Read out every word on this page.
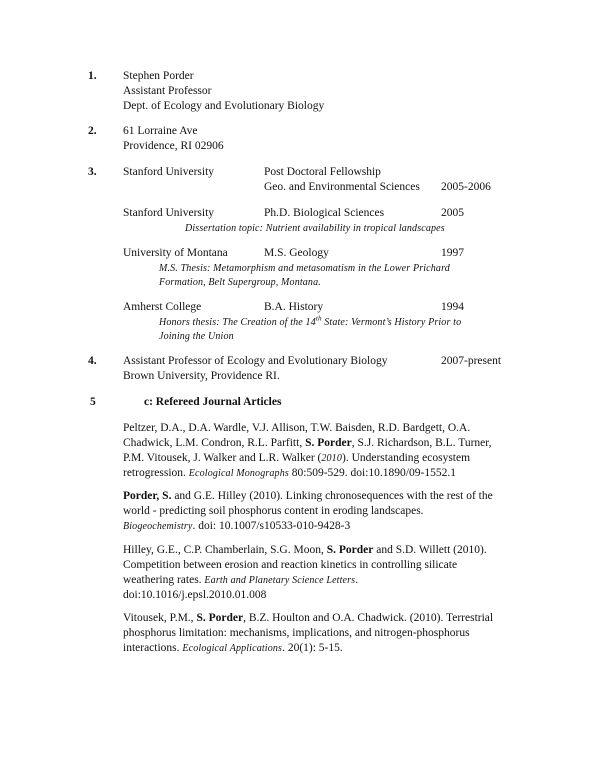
1. Stephen Porder
Assistant Professor
Dept. of Ecology and Evolutionary Biology
2. 61 Lorraine Ave
Providence, RI 02906
3. Stanford University	Post Doctoral Fellowship
Geo. and Environmental Sciences 2005-2006
Stanford University	Ph.D. Biological Sciences	2005
Dissertation topic: Nutrient availability in tropical landscapes
University of Montana	M.S. Geology	1997
M.S. Thesis: Metamorphism and metasomatism in the Lower Prichard
Formation, Belt Supergroup, Montana.
Amherst College	B.A. History	1994
Honors thesis: The Creation of the 14th State: Vermont’s History Prior to
Joining the Union
4. Assistant Professor of Ecology and Evolutionary Biology	2007-present
Brown University, Providence RI.
5	c: Refereed Journal Articles
Peltzer, D.A., D.A. Wardle, V.J. Allison, T.W. Baisden, R.D. Bardgett, O.A.
Chadwick, L.M. Condron, R.L. Parfitt, S. Porder, S.J. Richardson, B.L. Turner,
P.M. Vitousek, J. Walker and L.R. Walker (2010). Understanding ecosystem
retrogression. Ecological Monographs 80:509-529. doi:10.1890/09-1552.1
Porder, S. and G.E. Hilley (2010). Linking chronosequences with the rest of the
world - predicting soil phosphorus content in eroding landscapes.
Biogeochemistry. doi: 10.1007/s10533-010-9428-3
Hilley, G.E., C.P. Chamberlain, S.G. Moon, S. Porder and S.D. Willett (2010).
Competition between erosion and reaction kinetics in controlling silicate
weathering rates. Earth and Planetary Science Letters.
doi:10.1016/j.epsl.2010.01.008
Vitousek, P.M., S. Porder, B.Z. Houlton and O.A. Chadwick. (2010). Terrestrial
phosphorus limitation: mechanisms, implications, and nitrogen-phosphorus
interactions. Ecological Applications. 20(1): 5-15.
